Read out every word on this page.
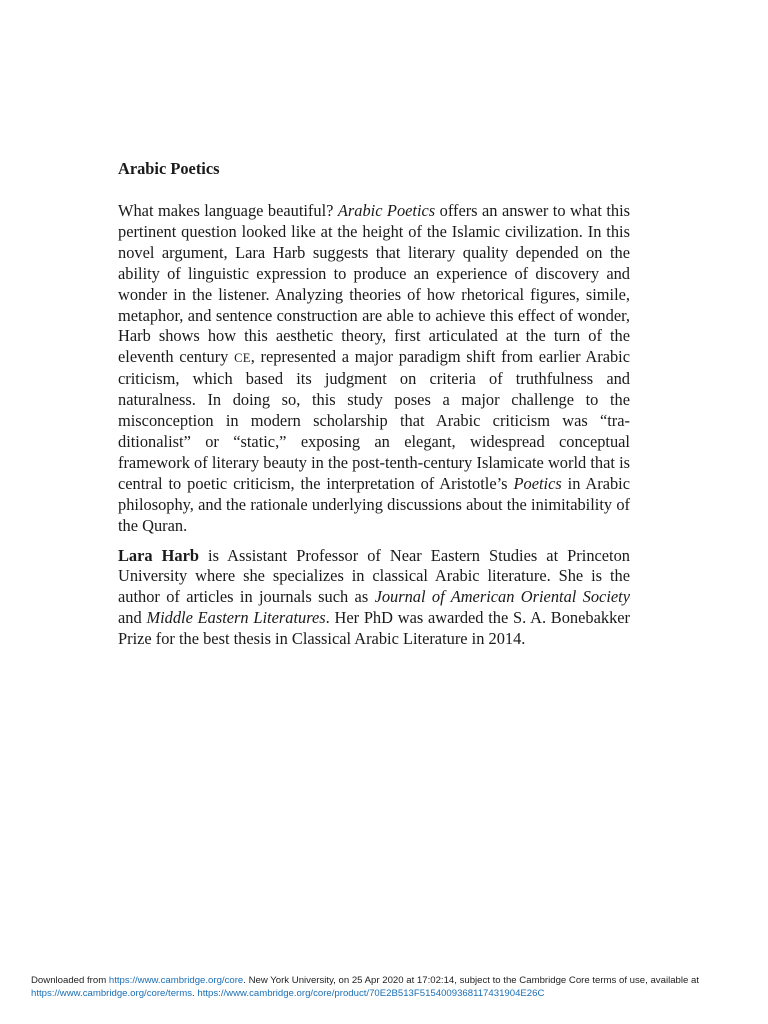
Arabic Poetics

What makes language beautiful? Arabic Poetics offers an answer to what this pertinent question looked like at the height of the Islamic civilization. In this novel argument, Lara Harb suggests that literary quality depended on the ability of linguistic expression to produce an experience of discovery and wonder in the listener. Analyzing theories of how rhetorical figures, simile, metaphor, and sentence construction are able to achieve this effect of wonder, Harb shows how this aesthetic theory, first articulated at the turn of the eleventh century CE, represented a major paradigm shift from earlier Arabic criticism, which based its judgment on criteria of truthfulness and naturalness. In doing so, this study poses a major challenge to the misconception in modern scholarship that Arabic criticism was “traditionalist” or “static,” exposing an elegant, widespread conceptual framework of literary beauty in the post-tenth-century Islamicate world that is central to poetic criticism, the interpretation of Aristotle’s Poetics in Arabic philosophy, and the rationale underlying discussions about the inimitability of the Quran.

Lara Harb is Assistant Professor of Near Eastern Studies at Princeton University where she specializes in classical Arabic literature. She is the author of articles in journals such as Journal of American Oriental Society and Middle Eastern Literatures. Her PhD was awarded the S. A. Bonebakker Prize for the best thesis in Classical Arabic Literature in 2014.

Downloaded from https://www.cambridge.org/core. New York University, on 25 Apr 2020 at 17:02:14, subject to the Cambridge Core terms of use, available at https://www.cambridge.org/core/terms. https://www.cambridge.org/core/product/70E2B513F5154009368117431904E26C
